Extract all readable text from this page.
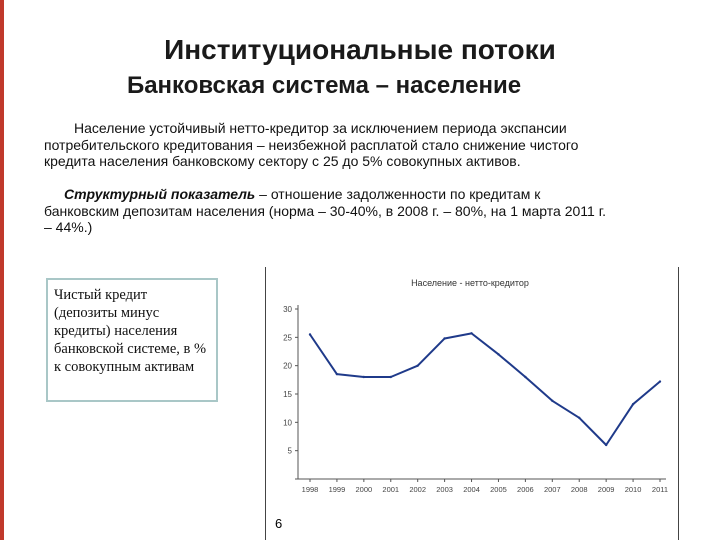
Институциональные потоки
Банковская система – население
Население устойчивый нетто-кредитор за исключением периода экспансии потребительского кредитования – неизбежной расплатой стало снижение чистого кредита населения банковскому сектору с 25 до 5% совокупных активов.
Структурный показатель – отношение задолженности по кредитам к банковским депозитам населения (норма – 30-40%, в 2008 г. – 80%, на 1 марта 2011 г. – 44%.)
Чистый кредит (депозиты минус кредиты) населения банковской системе, в % к совокупным активам
Население - нетто-кредитор
30
25
20
15
10
5
1998 1999 2000 2001 2002 2003 2004 2005 2006 2007 2008 2009 2010 2011
6
